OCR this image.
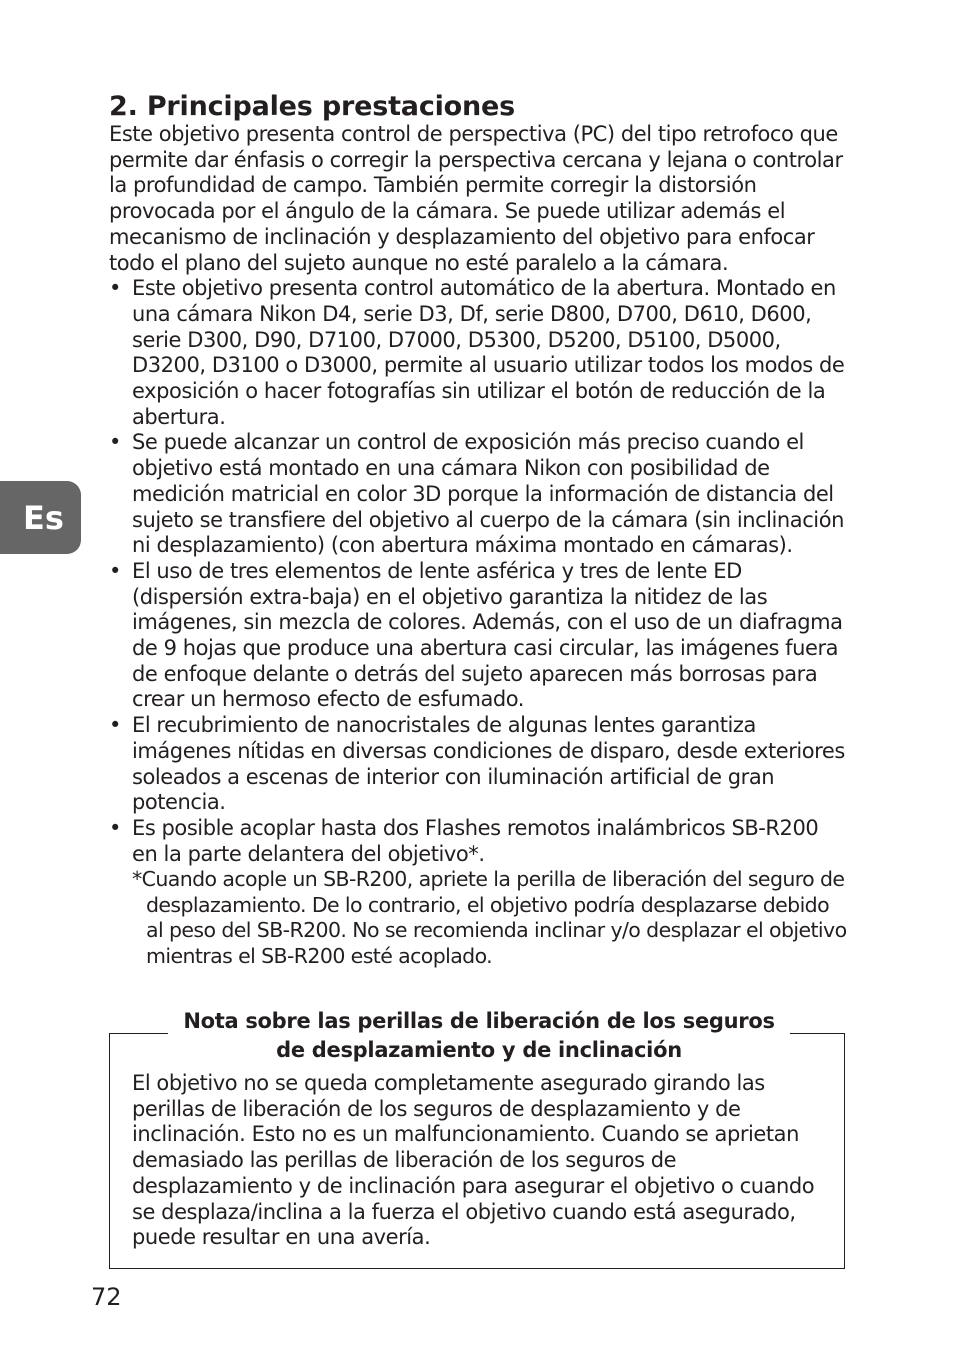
Es
2. Principales prestaciones

Este objetivo presenta control de perspectiva (PC) del tipo retrofoco que permite dar énfasis o corregir la perspectiva cercana y lejana o controlar la profundidad de campo. También permite corregir la distorsión provocada por el ángulo de la cámara. Se puede utilizar además el mecanismo de inclinación y desplazamiento del objetivo para enfocar todo el plano del sujeto aunque no esté paralelo a la cámara.

• Este objetivo presenta control automático de la abertura. Montado en una cámara Nikon D4, serie D3, Df, serie D800, D700, D610, D600, serie D300, D90, D7100, D7000, D5300, D5200, D5100, D5000, D3200, D3100 o D3000, permite al usuario utilizar todos los modos de exposición o hacer fotografías sin utilizar el botón de reducción de la abertura.
• Se puede alcanzar un control de exposición más preciso cuando el objetivo está montado en una cámara Nikon con posibilidad de medición matricial en color 3D porque la información de distancia del sujeto se transfiere del objetivo al cuerpo de la cámara (sin inclinación ni desplazamiento) (con abertura máxima montado en cámaras).
• El uso de tres elementos de lente asférica y tres de lente ED (dispersión extra-baja) en el objetivo garantiza la nitidez de las imágenes, sin mezcla de colores. Además, con el uso de un diafragma de 9 hojas que produce una abertura casi circular, las imágenes fuera de enfoque delante o detrás del sujeto aparecen más borrosas para crear un hermoso efecto de esfumado.
• El recubrimiento de nanocristales de algunas lentes garantiza imágenes nítidas en diversas condiciones de disparo, desde exteriores soleados a escenas de interior con iluminación artificial de gran potencia.
• Es posible acoplar hasta dos Flashes remotos inalámbricos SB-R200 en la parte delantera del objetivo*.
*Cuando acople un SB-R200, apriete la perilla de liberación del seguro de desplazamiento. De lo contrario, el objetivo podría desplazarse debido al peso del SB-R200. No se recomienda inclinar y/o desplazar el objetivo mientras el SB-R200 esté acoplado.
Nota sobre las perillas de liberación de los seguros
de desplazamiento y de inclinación

El objetivo no se queda completamente asegurado girando las perillas de liberación de los seguros de desplazamiento y de inclinación. Esto no es un malfuncionamiento. Cuando se aprietan demasiado las perillas de liberación de los seguros de desplazamiento y de inclinación para asegurar el objetivo o cuando se desplaza/inclina a la fuerza el objetivo cuando está asegurado, puede resultar en una avería.

72
